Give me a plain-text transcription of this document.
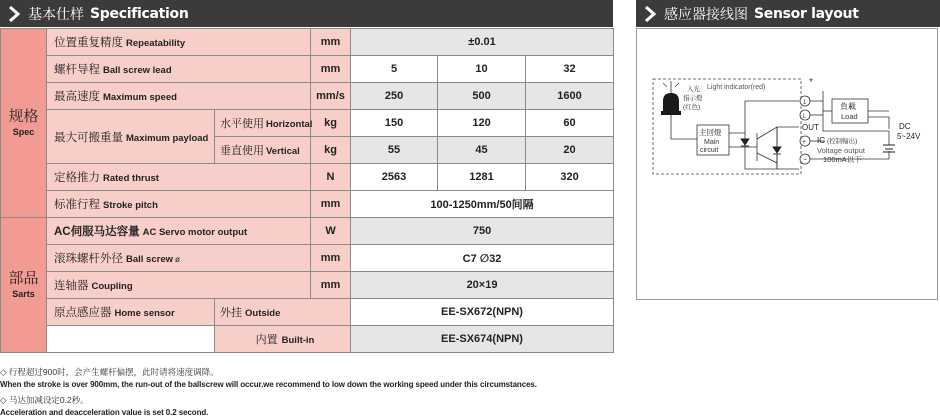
基本仕样 Specification	感应器接线图 Sensor layout
规格
Spec	位置重复精度 Repeatability		mm	±0.01		
	螺杆导程 Ball screw lead		mm	5	10	32
	最高速度 Maximum speed		mm/s	250	500	1600
	最大可搬重量 Maximum payload	水平使用 Horizontal	kg	150	120	60
		垂直使用 Vertical	kg	55	45	20
	定格推力 Rated thrust		N	2563	1281	320
	标准行程 Stroke pitch		mm	100-1250mm/50间隔		

部品
Sarts	AC伺服马达容量 AC Servo motor output		W	750		
	滚珠螺杆外径 Ball screw ø		mm	C7 ∅32		
	连轴器 Coupling		mm	20×19		
	原点感应器 Home sensor	外挂 Outside		EE-SX672(NPN)		
		内置 Built-in		EE-SX674(NPN)		
◇ 行程超过900时，会产生螺杆偏摆，此时请将速度调降。
When the stroke is over 900mm, the run-out of the ballscrew will occur.we recommend to low down the working speed under this circumstances.
◇ 马达加减设定0.2秒。
Acceleration and deacceleration value is set 0.2 second.
入光
指示燈
(红色)
Light indicator(red)	*
主回燈
Main
circuit
1
L
+
−
負載
Load
DC
5~24V
OUT
IC (控制輸出)
Voltage output
100mA以下
